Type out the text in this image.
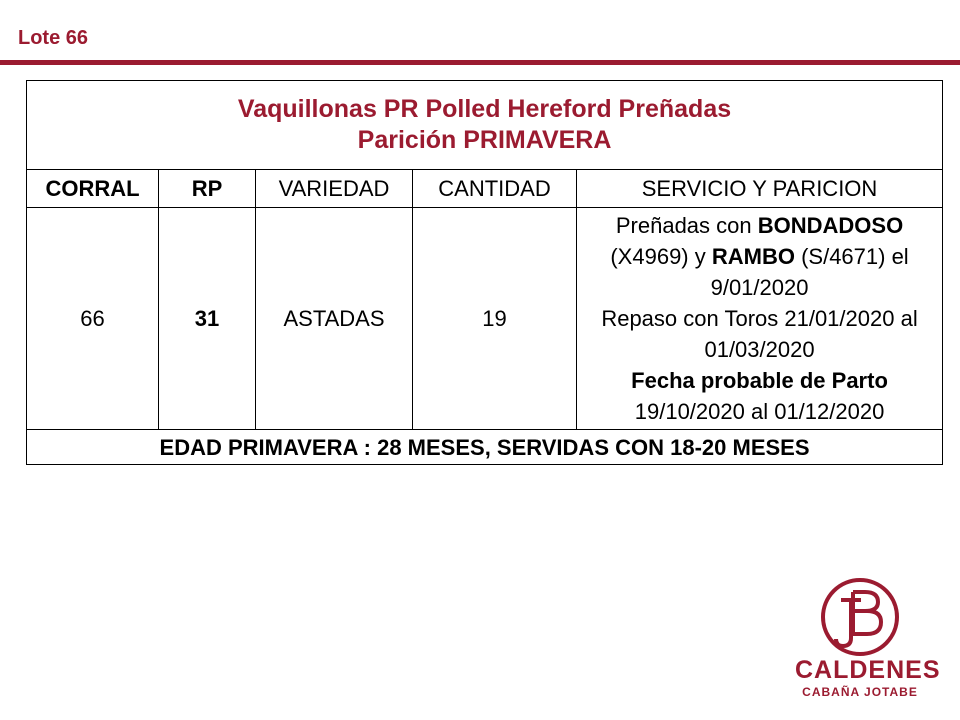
Lote 66
Vaquillonas PR Polled Hereford Preñadas
Parición PRIMAVERA				

CORRAL	RP	VARIEDAD	CANTIDAD	SERVICIO Y PARICION
66	31	ASTADAS	19	Preñadas con BONDADOSO (X4969) y RAMBO (S/4671) el 9/01/2020
Repaso con Toros 21/01/2020 al 01/03/2020
Fecha probable de Parto
19/10/2020 al 01/12/2020

EDAD PRIMAVERA : 28 MESES, SERVIDAS CON 18-20 MESES				
CALDENES
CABAÑA JOTABE
